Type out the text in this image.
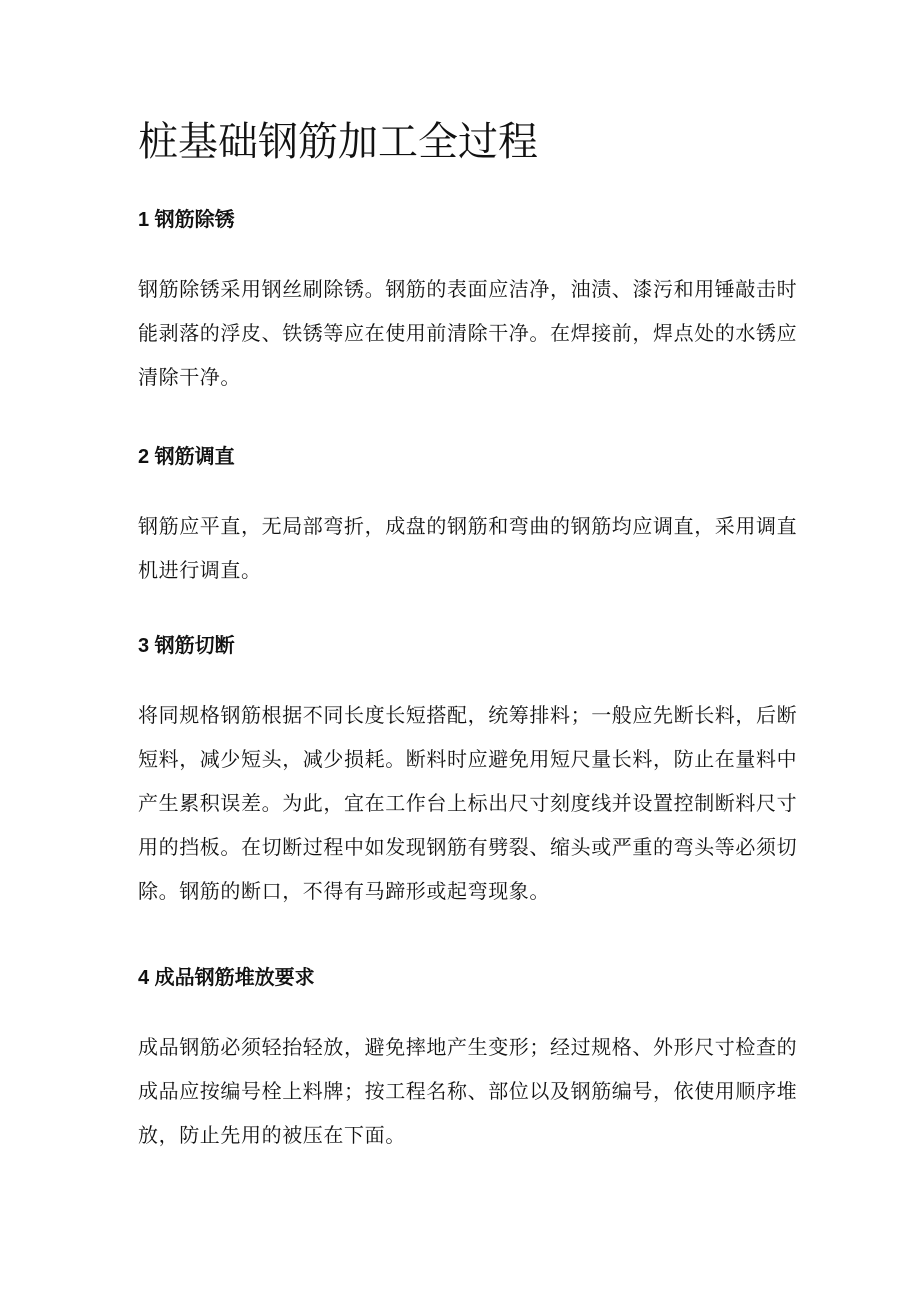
桩基础钢筋加工全过程
1 钢筋除锈

钢筋除锈采用钢丝刷除锈。钢筋的表面应洁净，油渍、漆污和用锤敲击时
能剥落的浮皮、铁锈等应在使用前清除干净。在焊接前，焊点处的水锈应
清除干净。

2 钢筋调直

钢筋应平直，无局部弯折，成盘的钢筋和弯曲的钢筋均应调直，采用调直
机进行调直。

3 钢筋切断

将同规格钢筋根据不同长度长短搭配，统筹排料；一般应先断长料，后断
短料，减少短头，减少损耗。断料时应避免用短尺量长料，防止在量料中
产生累积误差。为此，宜在工作台上标出尺寸刻度线并设置控制断料尺寸
用的挡板。在切断过程中如发现钢筋有劈裂、缩头或严重的弯头等必须切
除。钢筋的断口，不得有马蹄形或起弯现象。

4 成品钢筋堆放要求

成品钢筋必须轻抬轻放，避免摔地产生变形；经过规格、外形尺寸检查的
成品应按编号栓上料牌；按工程名称、部位以及钢筋编号，依使用顺序堆
放，防止先用的被压在下面。
